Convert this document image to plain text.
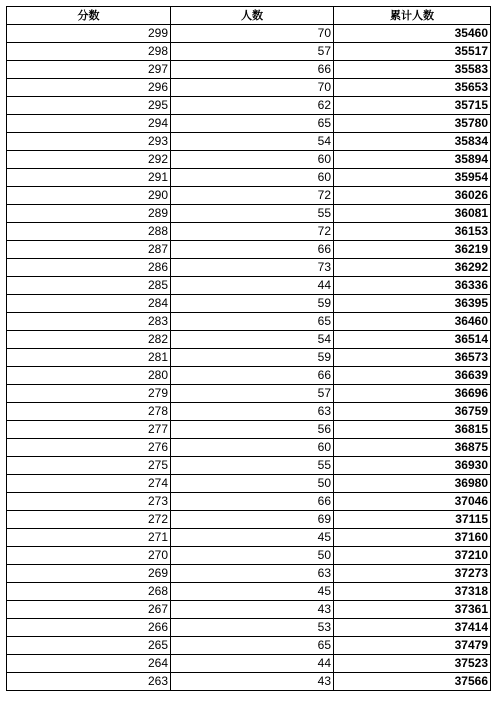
分数	人数	累计人数
299	70	35460
298	57	35517
297	66	35583
296	70	35653
295	62	35715
294	65	35780
293	54	35834
292	60	35894
291	60	35954
290	72	36026
289	55	36081
288	72	36153
287	66	36219
286	73	36292
285	44	36336
284	59	36395
283	65	36460
282	54	36514
281	59	36573
280	66	36639
279	57	36696
278	63	36759
277	56	36815
276	60	36875
275	55	36930
274	50	36980
273	66	37046
272	69	37115
271	45	37160
270	50	37210
269	63	37273
268	45	37318
267	43	37361
266	53	37414
265	65	37479
264	44	37523
263	43	37566
